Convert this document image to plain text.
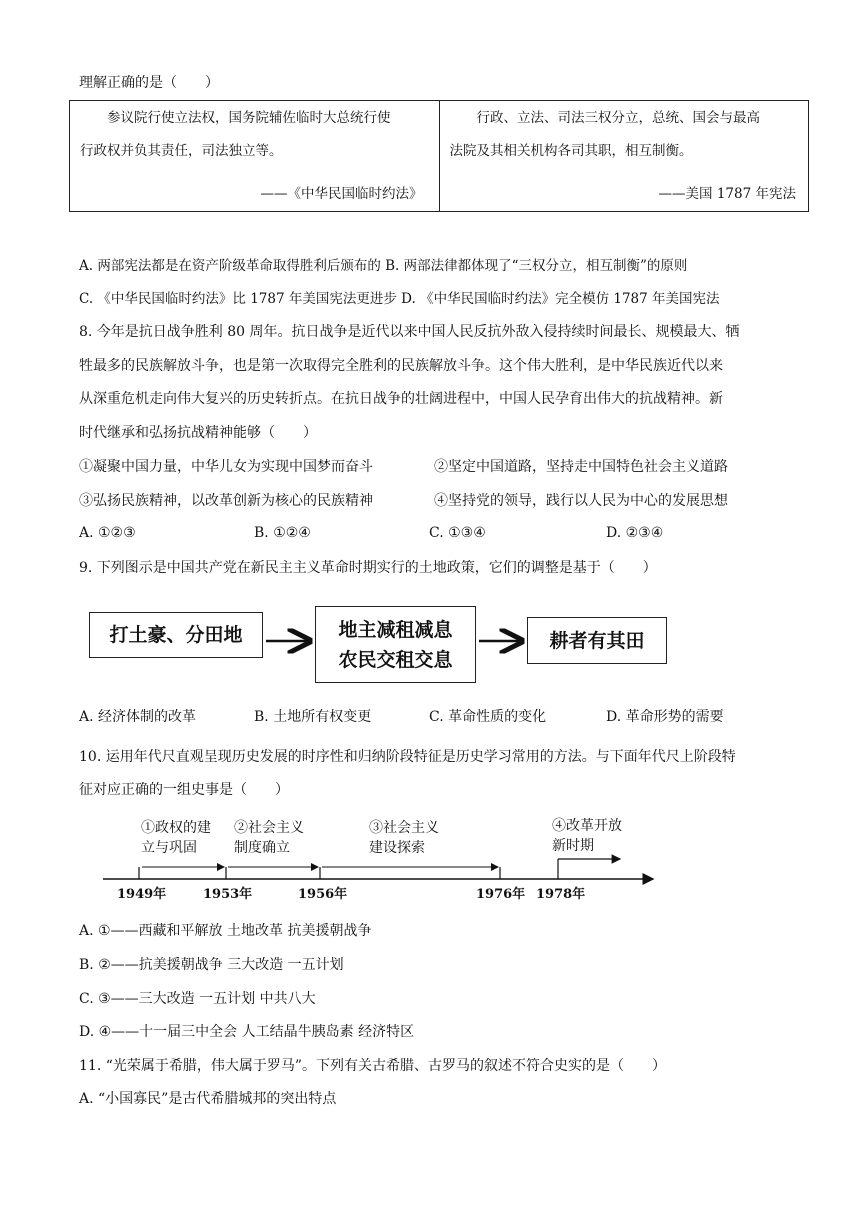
理解正确的是（　　）
　　参议院行使立法权，国务院辅佐临时大总统行使
行政权并负其责任，司法独立等。
——《中华民国临时约法》
　　行政、立法、司法三权分立，总统、国会与最高
法院及其相关机构各司其职，相互制衡。
——美国 1787 年宪法
A. 两部宪法都是在资产阶级革命取得胜利后颁布的 B. 两部法律都体现了“三权分立，相互制衡”的原则
C. 《中华民国临时约法》比 1787 年美国宪法更进步 D. 《中华民国临时约法》完全模仿 1787 年美国宪法
8. 今年是抗日战争胜利 80 周年。抗日战争是近代以来中国人民反抗外敌入侵持续时间最长、规模最大、牺
牲最多的民族解放斗争，也是第一次取得完全胜利的民族解放斗争。这个伟大胜利，是中华民族近代以来
从深重危机走向伟大复兴的历史转折点。在抗日战争的壮阔进程中，中国人民孕育出伟大的抗战精神。新
时代继承和弘扬抗战精神能够（　　）
①凝聚中国力量，中华儿女为实现中国梦而奋斗	②坚定中国道路，坚持走中国特色社会主义道路
③弘扬民族精神，以改革创新为核心的民族精神	④坚持党的领导，践行以人民为中心的发展思想
A. ①②③	B. ①②④	C. ①③④	D. ②③④
9. 下列图示是中国共产党在新民主主义革命时期实行的土地政策，它们的调整是基于（　　）
打土豪、分田地	地主减租减息
农民交租交息
耕者有其田
10. 运用年代尺直观呈现历史发展的时序性和归纳阶段特征是历史学习常用的方法。与下面年代尺上阶段特
征对应正确的一组史事是（　　）
A. 经济体制的改革	B. 土地所有权变更	C. 革命性质的变化	D. 革命形势的需要
①政权的建
立与巩固
②社会主义
制度确立
③社会主义
建设探索
④改革开放
新时期
1949年	1953年	1956年	1976年 1978年
A. ①——西藏和平解放 土地改革 抗美援朝战争
B. ②——抗美援朝战争 三大改造 一五计划
C. ③——三大改造 一五计划 中共八大
D. ④——十一届三中全会 人工结晶牛胰岛素 经济特区
11. “光荣属于希腊，伟大属于罗马”。下列有关古希腊、古罗马的叙述不符合史实的是（　　）
A. “小国寡民”是古代希腊城邦的突出特点
